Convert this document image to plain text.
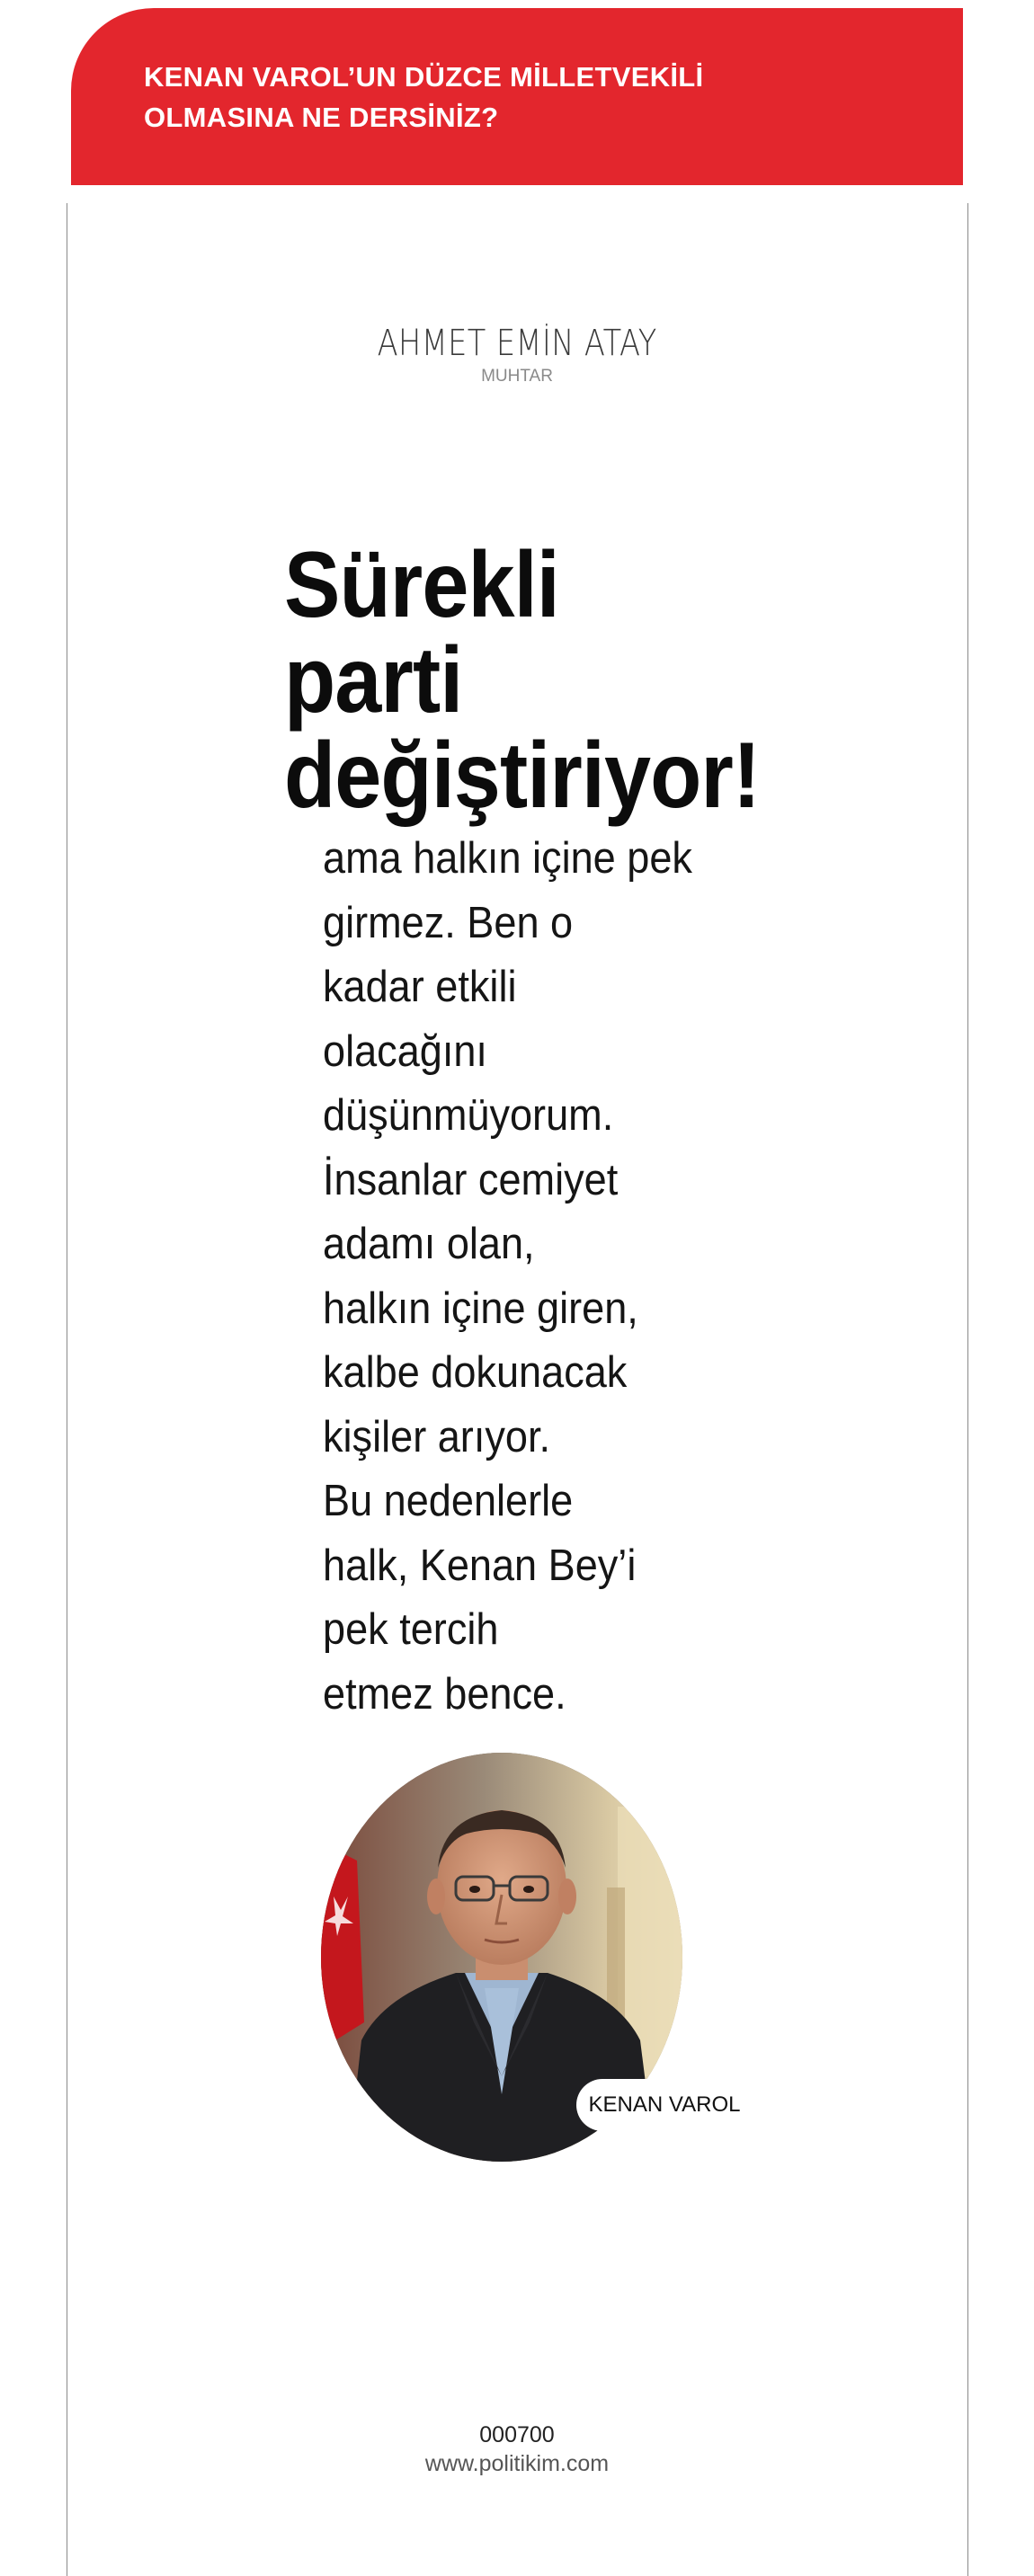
KENAN VAROL’UN DÜZCE MİLLETVEKİLİ OLMASINA NE DERSİNİZ?
AHMET EMİN ATAY
MUHTAR
Sürekli parti değiştiriyor!

ama halkın içine pek
girmez. Ben o
kadar etkili
olacağını
düşünmüyorum.
İnsanlar cemiyet
adamı olan,
halkın içine giren,
kalbe dokunacak
kişiler arıyor.
Bu nedenlerle
halk, Kenan Bey’i
pek tercih
etmez bence.

KENAN VAROL
000700
www.politikim.com
